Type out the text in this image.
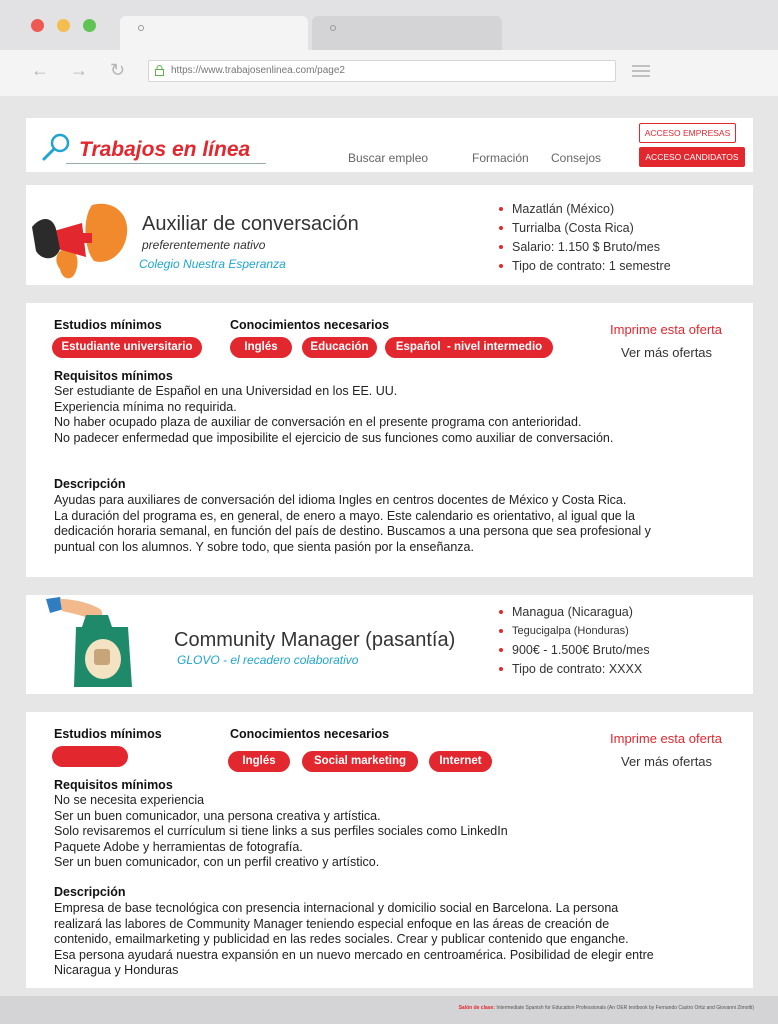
← → ↻	https://www.trabajosenlinea.com/page2
Trabajos en línea	Buscar empleo	Formación Consejos
ACCESO EMPRESAS
ACCESO CANDIDATOS
Auxiliar de conversación
preferentemente nativo
Colegio Nuestra Esperanza
Mazatlán (México)
Turrialba (Costa Rica)
Salario: 1.150 $ Bruto/mes
Tipo de contrato: 1 semestre
Estudios mínimos
Estudiante universitario
Conocimientos necesarios
Inglés	Educación	Español  - nivel intermedio
Imprime esta oferta
Ver más ofertas
Requisitos mínimos

Ser estudiante de Español en una Universidad en los EE. UU.

Experiencia mínima no requirida.

No haber ocupado plaza de auxiliar de conversación en el presente programa con anterioridad.

No padecer enfermedad que imposibilite el ejercicio de sus funciones como auxiliar de conversación.

Descripción

Ayudas para auxiliares de conversación del idioma Ingles en centros docentes de México y Costa Rica.

La duración del programa es, en general, de enero a mayo. Este calendario es orientativo, al igual que la

dedicación horaria semanal, en función del país de destino. Buscamos a una persona que sea profesional y

puntual con los alumnos. Y sobre todo, que sienta pasión por la enseñanza.

Community Manager (pasantía)
GLOVO - el recadero colaborativo
Managua (Nicaragua)
Tegucigalpa (Honduras)
900€ - 1.500€ Bruto/mes
Tipo de contrato: XXXX
Estudios mínimos	Conocimientos necesarios
Inglés	Social marketing	Internet
Imprime esta oferta
Ver más ofertas
Requisitos mínimos

No se necesita experiencia

Ser un buen comunicador, una persona creativa y artística.

Solo revisaremos el currículum si tiene links a sus perfiles sociales como LinkedIn

Paquete Adobe y herramientas de fotografía.

Ser un buen comunicador, con un perfil creativo y artístico.

Descripción

Empresa de base tecnológica con presencia internacional y domicilio social en Barcelona. La persona

realizará las labores de Community Manager teniendo especial enfoque en las áreas de creación de

contenido, emailmarketing y publicidad en las redes sociales. Crear y publicar contenido que enganche.

Esa persona ayudará nuestra expansión en un nuevo mercado en centroamérica. Posibilidad de elegir entre

Nicaragua y Honduras

Salón de clase: Intermediate Spanish for Education Professionals (An OER textbook by Fernando Castro Ortiz and Giovanni Zimotti)
